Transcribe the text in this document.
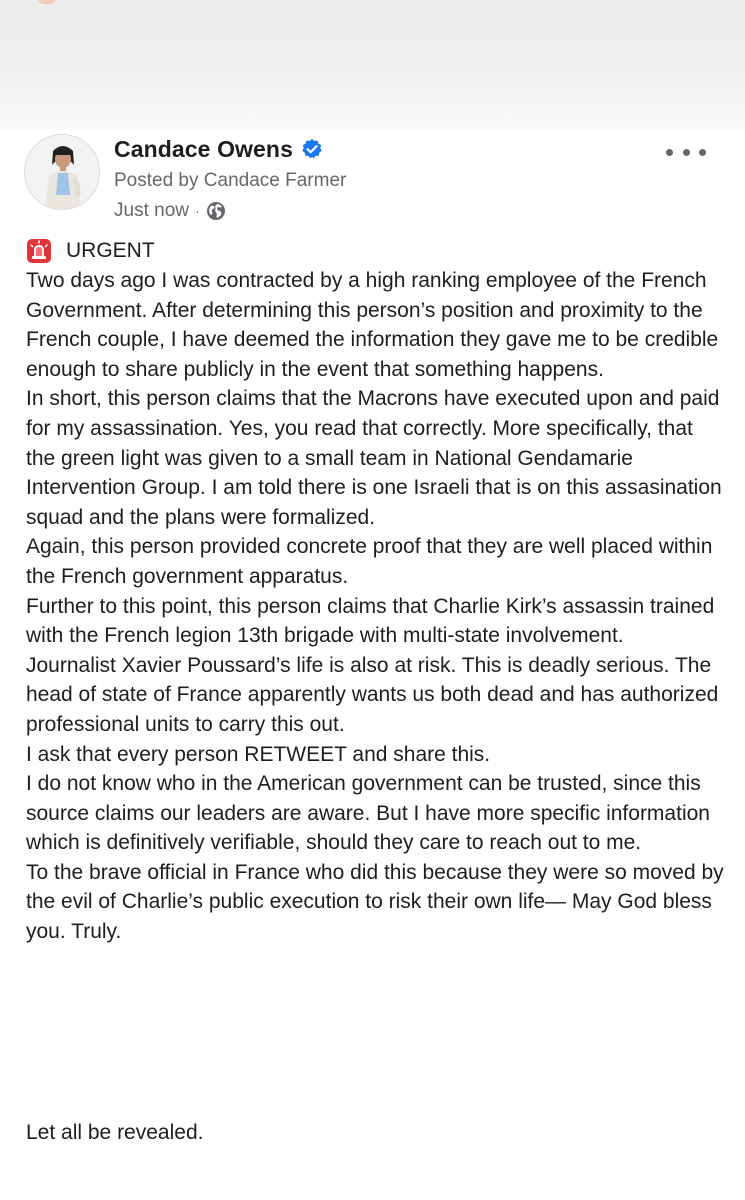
Candace Owens
Posted by Candace Farmer
Just now ·
URGENT

Two days ago I was contracted by a high ranking employee of the French Government. After determining this person’s position and proximity to the French couple, I have deemed the information they gave me to be credible enough to share publicly in the event that something happens.

In short, this person claims that the Macrons have executed upon and paid for my assassination. Yes, you read that correctly. More specifically, that the green light was given to a small team in National Gendamarie Intervention Group. I am told there is one Israeli that is on this assasination squad and the plans were formalized.

Again, this person provided concrete proof that they are well placed within the French government apparatus.

Further to this point, this person claims that Charlie Kirk’s assassin trained with the French legion 13th brigade with multi-state involvement.

Journalist Xavier Poussard’s life is also at risk. This is deadly serious. The head of state of France apparently wants us both dead and has authorized professional units to carry this out.

I ask that every person RETWEET and share this.

I do not know who in the American government can be trusted, since this source claims our leaders are aware. But I have more specific information which is definitively verifiable, should they care to reach out to me.

To the brave official in France who did this because they were so moved by the evil of Charlie’s public execution to risk their own life— May God bless you. Truly.

Let all be revealed.
